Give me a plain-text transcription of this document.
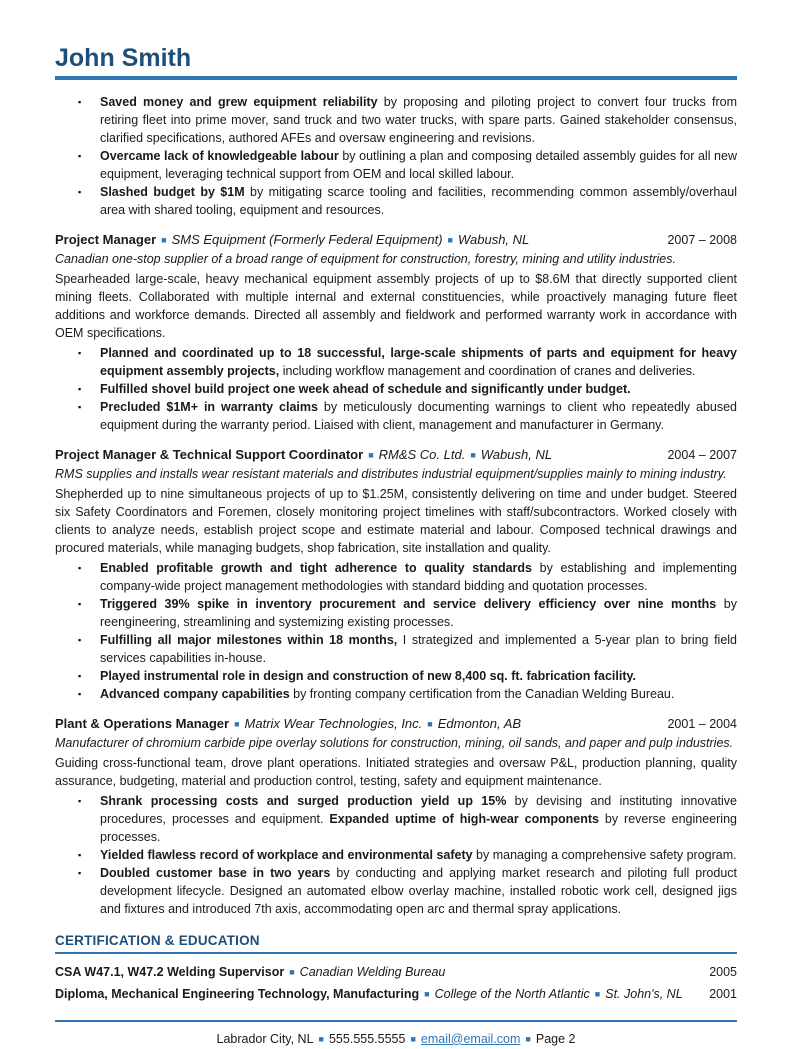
John Smith
▪ Saved money and grew equipment reliability by proposing and piloting project to convert four trucks from retiring fleet into prime mover, sand truck and two water trucks, with spare parts. Gained stakeholder consensus, clarified specifications, authored AFEs and oversaw engineering and revisions.
▪ Overcame lack of knowledgeable labour by outlining a plan and composing detailed assembly guides for all new equipment, leveraging technical support from OEM and local skilled labour.
▪ Slashed budget by $1M by mitigating scarce tooling and facilities, recommending common assembly/overhaul area with shared tooling, equipment and resources.
Project Manager ■ SMS Equipment (Formerly Federal Equipment) ■ Wabush, NL	2007 – 2008

Canadian one-stop supplier of a broad range of equipment for construction, forestry, mining and utility industries.

Spearheaded large-scale, heavy mechanical equipment assembly projects of up to $8.6M that directly supported client mining fleets. Collaborated with multiple internal and external constituencies, while proactively managing future fleet additions and workforce demands. Directed all assembly and fieldwork and performed warranty work in accordance with OEM specifications.

▪ Planned and coordinated up to 18 successful, large-scale shipments of parts and equipment for heavy equipment assembly projects, including workflow management and coordination of cranes and deliveries.
▪ Fulfilled shovel build project one week ahead of schedule and significantly under budget.
▪ Precluded $1M+ in warranty claims by meticulously documenting warnings to client who repeatedly abused equipment during the warranty period. Liaised with client, management and manufacturer in Germany.
Project Manager & Technical Support Coordinator ■ RM&S Co. Ltd. ■ Wabush, NL	2004 – 2007

RMS supplies and installs wear resistant materials and distributes industrial equipment/supplies mainly to mining industry.

Shepherded up to nine simultaneous projects of up to $1.25M, consistently delivering on time and under budget. Steered six Safety Coordinators and Foremen, closely monitoring project timelines with staff/subcontractors. Worked closely with clients to analyze needs, establish project scope and estimate material and labour. Composed technical drawings and procured materials, while managing budgets, shop fabrication, site installation and quality.

▪ Enabled profitable growth and tight adherence to quality standards by establishing and implementing company-wide project management methodologies with standard bidding and quotation processes.
▪ Triggered 39% spike in inventory procurement and service delivery efficiency over nine months by reengineering, streamlining and systemizing existing processes.
▪ Fulfilling all major milestones within 18 months, I strategized and implemented a 5-year plan to bring field services capabilities in-house.
▪ Played instrumental role in design and construction of new 8,400 sq. ft. fabrication facility.
▪ Advanced company capabilities by fronting company certification from the Canadian Welding Bureau.
Plant & Operations Manager ■ Matrix Wear Technologies, Inc. ■ Edmonton, AB	2001 – 2004

Manufacturer of chromium carbide pipe overlay solutions for construction, mining, oil sands, and paper and pulp industries.

Guiding cross-functional team, drove plant operations. Initiated strategies and oversaw P&L, production planning, quality assurance, budgeting, material and production control, testing, safety and equipment maintenance.

▪ Shrank processing costs and surged production yield up 15% by devising and instituting innovative procedures, processes and equipment. Expanded uptime of high-wear components by reverse engineering processes.
▪ Yielded flawless record of workplace and environmental safety by managing a comprehensive safety program.
▪ Doubled customer base in two years by conducting and applying market research and piloting full product development lifecycle. Designed an automated elbow overlay machine, installed robotic work cell, designed jigs and fixtures and introduced 7th axis, accommodating open arc and thermal spray applications.
CERTIFICATION & EDUCATION
CSA W47.1, W47.2 Welding Supervisor ■ Canadian Welding Bureau	2005
Diploma, Mechanical Engineering Technology, Manufacturing ■ College of the North Atlantic ■ St. John's, NL	2001
Labrador City, NL ■ 555.555.5555 ■ email@email.com ■ Page 2
